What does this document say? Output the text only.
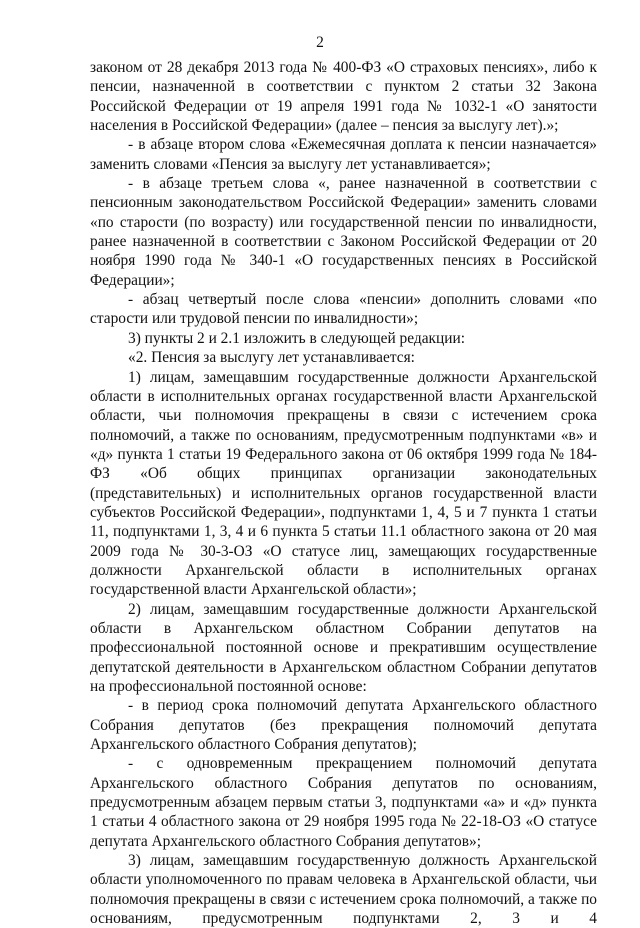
2

законом от 28 декабря 2013 года № 400-ФЗ «О страховых пенсиях», либо к пенсии, назначенной в соответствии с пунктом 2 статьи 32 Закона Российской Федерации от 19 апреля 1991 года № 1032-1 «О занятости населения в Российской Федерации» (далее – пенсия за выслугу лет).»;

- в абзаце втором слова «Ежемесячная доплата к пенсии назначается» заменить словами «Пенсия за выслугу лет устанавливается»;

- в абзаце третьем слова «, ранее назначенной в соответствии с пенсионным законодательством Российской Федерации» заменить словами «по старости (по возрасту) или государственной пенсии по инвалидности, ранее назначенной в соответствии с Законом Российской Федерации от 20 ноября 1990 года № 340-1 «О государственных пенсиях в Российской Федерации»;

- абзац четвертый после слова «пенсии» дополнить словами «по старости или трудовой пенсии по инвалидности»;

3) пункты 2 и 2.1 изложить в следующей редакции:

«2. Пенсия за выслугу лет устанавливается:

1) лицам, замещавшим государственные должности Архангельской области в исполнительных органах государственной власти Архангельской области, чьи полномочия прекращены в связи с истечением срока полномочий, а также по основаниям, предусмотренным подпунктами «в» и «д» пункта 1 статьи 19 Федерального закона от 06 октября 1999 года № 184-ФЗ «Об общих принципах организации законодательных (представительных) и исполнительных органов государственной власти субъектов Российской Федерации», подпунктами 1, 4, 5 и 7 пункта 1 статьи 11, подпунктами 1, 3, 4 и 6 пункта 5 статьи 11.1 областного закона от 20 мая 2009 года № 30-3-ОЗ «О статусе лиц, замещающих государственные должности Архангельской области в исполнительных органах государственной власти Архангельской области»;

2) лицам, замещавшим государственные должности Архангельской области в Архангельском областном Собрании депутатов на профессиональной постоянной основе и прекратившим осуществление депутатской деятельности в Архангельском областном Собрании депутатов на профессиональной постоянной основе:

- в период срока полномочий депутата Архангельского областного Собрания депутатов (без прекращения полномочий депутата Архангельского областного Собрания депутатов);

- с одновременным прекращением полномочий депутата Архангельского областного Собрания депутатов по основаниям, предусмотренным абзацем первым статьи 3, подпунктами «а» и «д» пункта 1 статьи 4 областного закона от 29 ноября 1995 года № 22-18-ОЗ «О статусе депутата Архангельского областного Собрания депутатов»;

3) лицам, замещавшим государственную должность Архангельской области уполномоченного по правам человека в Архангельской области, чьи полномочия прекращены в связи с истечением срока полномочий, а также по основаниям, предусмотренным подпунктами 2, 3 и 4
